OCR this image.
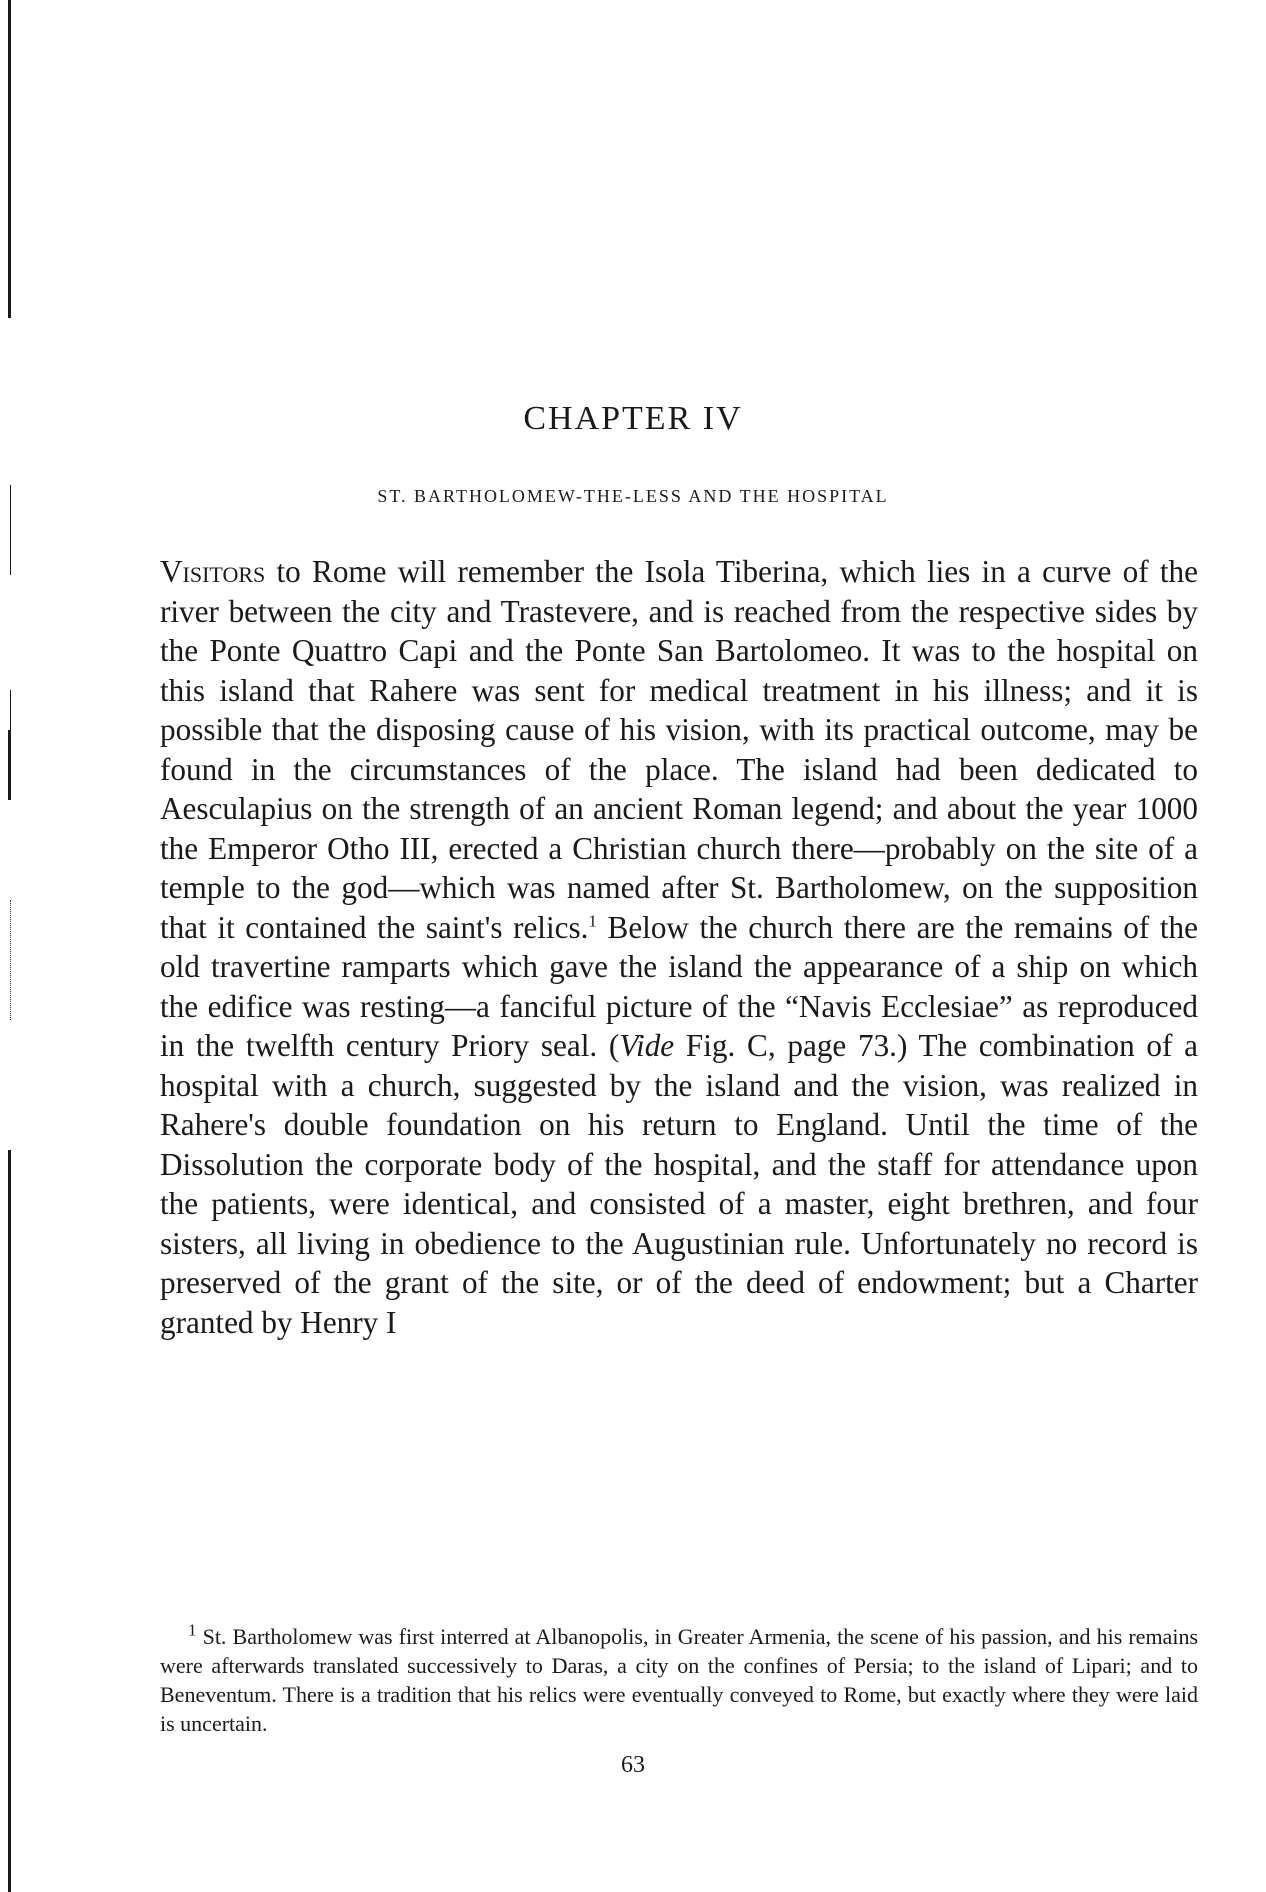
CHAPTER IV
ST. BARTHOLOMEW-THE-LESS AND THE HOSPITAL

Visitors to Rome will remember the Isola Tiberina, which lies in a curve of the river between the city and Trastevere, and is reached from the respective sides by the Ponte Quattro Capi and the Ponte San Bartolomeo. It was to the hospital on this island that Rahere was sent for medical treatment in his illness; and it is possible that the disposing cause of his vision, with its practical outcome, may be found in the circumstances of the place. The island had been dedicated to Aesculapius on the strength of an ancient Roman legend; and about the year 1000 the Emperor Otho III, erected a Christian church there—probably on the site of a temple to the god—which was named after St. Bartholomew, on the supposition that it contained the saint's relics.$^1$ Below the church there are the remains of the old travertine ramparts which gave the island the appearance of a ship on which the edifice was resting—a fanciful picture of the “Navis Ecclesiae” as reproduced in the twelfth century Priory seal. (Vide Fig. C, page 73.) The combination of a hospital with a church, suggested by the island and the vision, was realized in Rahere's double foundation on his return to England. Until the time of the Dissolution the corporate body of the hospital, and the staff for attendance upon the patients, were identical, and consisted of a master, eight brethren, and four sisters, all living in obedience to the Augustinian rule. Unfortunately no record is preserved of the grant of the site, or of the deed of endowment; but a Charter granted by Henry I

$^1$ St. Bartholomew was first interred at Albanopolis, in Greater Armenia, the scene of his passion, and his remains were afterwards translated successively to Daras, a city on the confines of Persia; to the island of Lipari; and to Beneventum. There is a tradition that his relics were eventually conveyed to Rome, but exactly where they were laid is uncertain.

63
